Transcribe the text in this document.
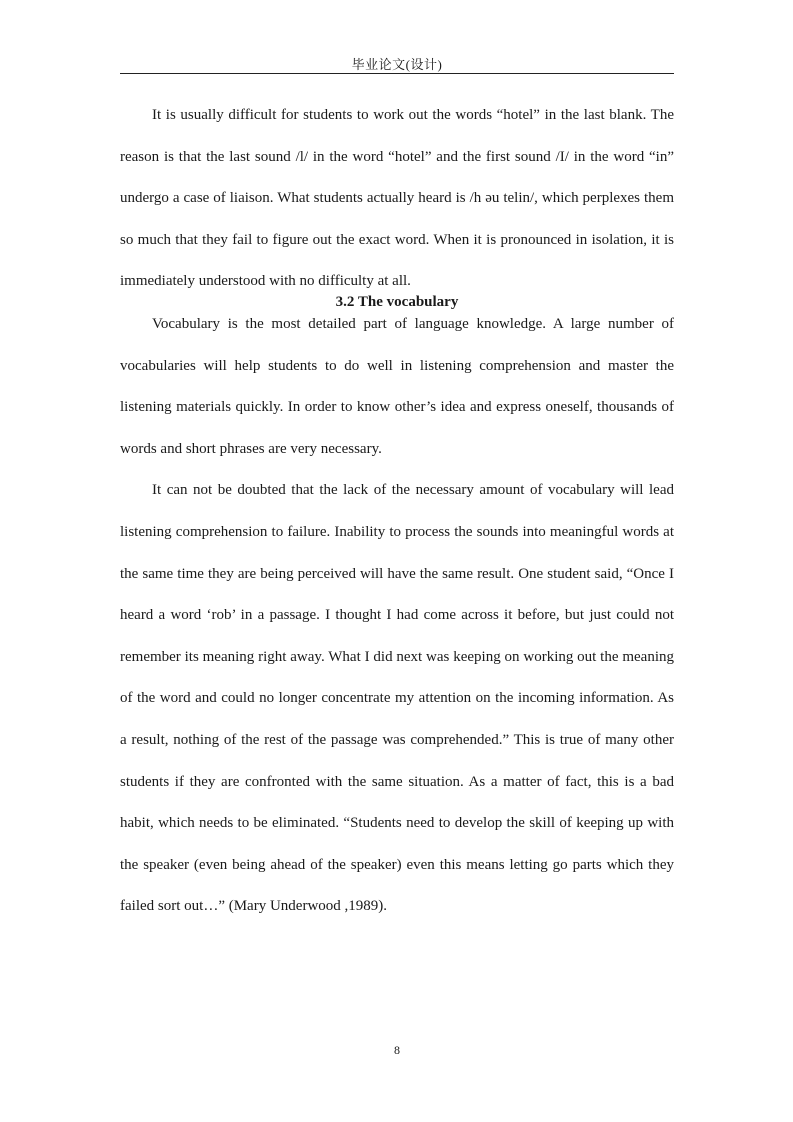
毕业论文(设计)

It is usually difficult for students to work out the words “hotel” in the last blank. The reason is that the last sound /l/ in the word “hotel” and the first sound /I/ in the word “in” undergo a case of liaison. What students actually heard is /h əu telin/, which perplexes them so much that they fail to figure out the exact word. When it is pronounced in isolation, it is immediately understood with no difficulty at all.

3.2 The vocabulary

Vocabulary is the most detailed part of language knowledge. A large number of vocabularies will help students to do well in listening comprehension and master the listening materials quickly. In order to know other’s idea and express oneself, thousands of words and short phrases are very necessary.

It can not be doubted that the lack of the necessary amount of vocabulary will lead listening comprehension to failure. Inability to process the sounds into meaningful words at the same time they are being perceived will have the same result. One student said, “Once I heard a word ‘rob’ in a passage. I thought I had come across it before, but just could not remember its meaning right away. What I did next was keeping on working out the meaning of the word and could no longer concentrate my attention on the incoming information. As a result, nothing of the rest of the passage was comprehended.” This is true of many other students if they are confronted with the same situation. As a matter of fact, this is a bad habit, which needs to be eliminated. “Students need to develop the skill of keeping up with the speaker (even being ahead of the speaker) even this means letting go parts which they failed sort out…” (Mary Underwood ,1989).

8
